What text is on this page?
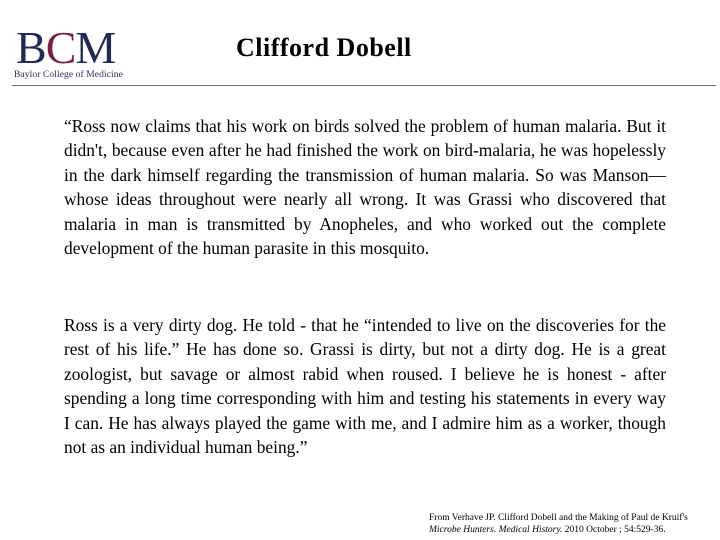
BCM
Baylor College of Medicine
Clifford Dobell

“Ross now claims that his work on birds solved the problem of human malaria. But it didn't, because even after he had finished the work on bird-malaria, he was hopelessly in the dark himself regarding the transmission of human malaria. So was Manson—whose ideas throughout were nearly all wrong. It was Grassi who discovered that malaria in man is transmitted by Anopheles, and who worked out the complete development of the human parasite in this mosquito.

Ross is a very dirty dog. He told - that he “intended to live on the discoveries for the rest of his life.” He has done so. Grassi is dirty, but not a dirty dog. He is a great zoologist, but savage or almost rabid when roused. I believe he is honest - after spending a long time corresponding with him and testing his statements in every way I can. He has always played the game with me, and I admire him as a worker, though not as an individual human being.”

From Verhave JP. Clifford Dobell and the Making of Paul de Kruif's
Microbe Hunters. Medical History. 2010 October ; 54:529-36.
